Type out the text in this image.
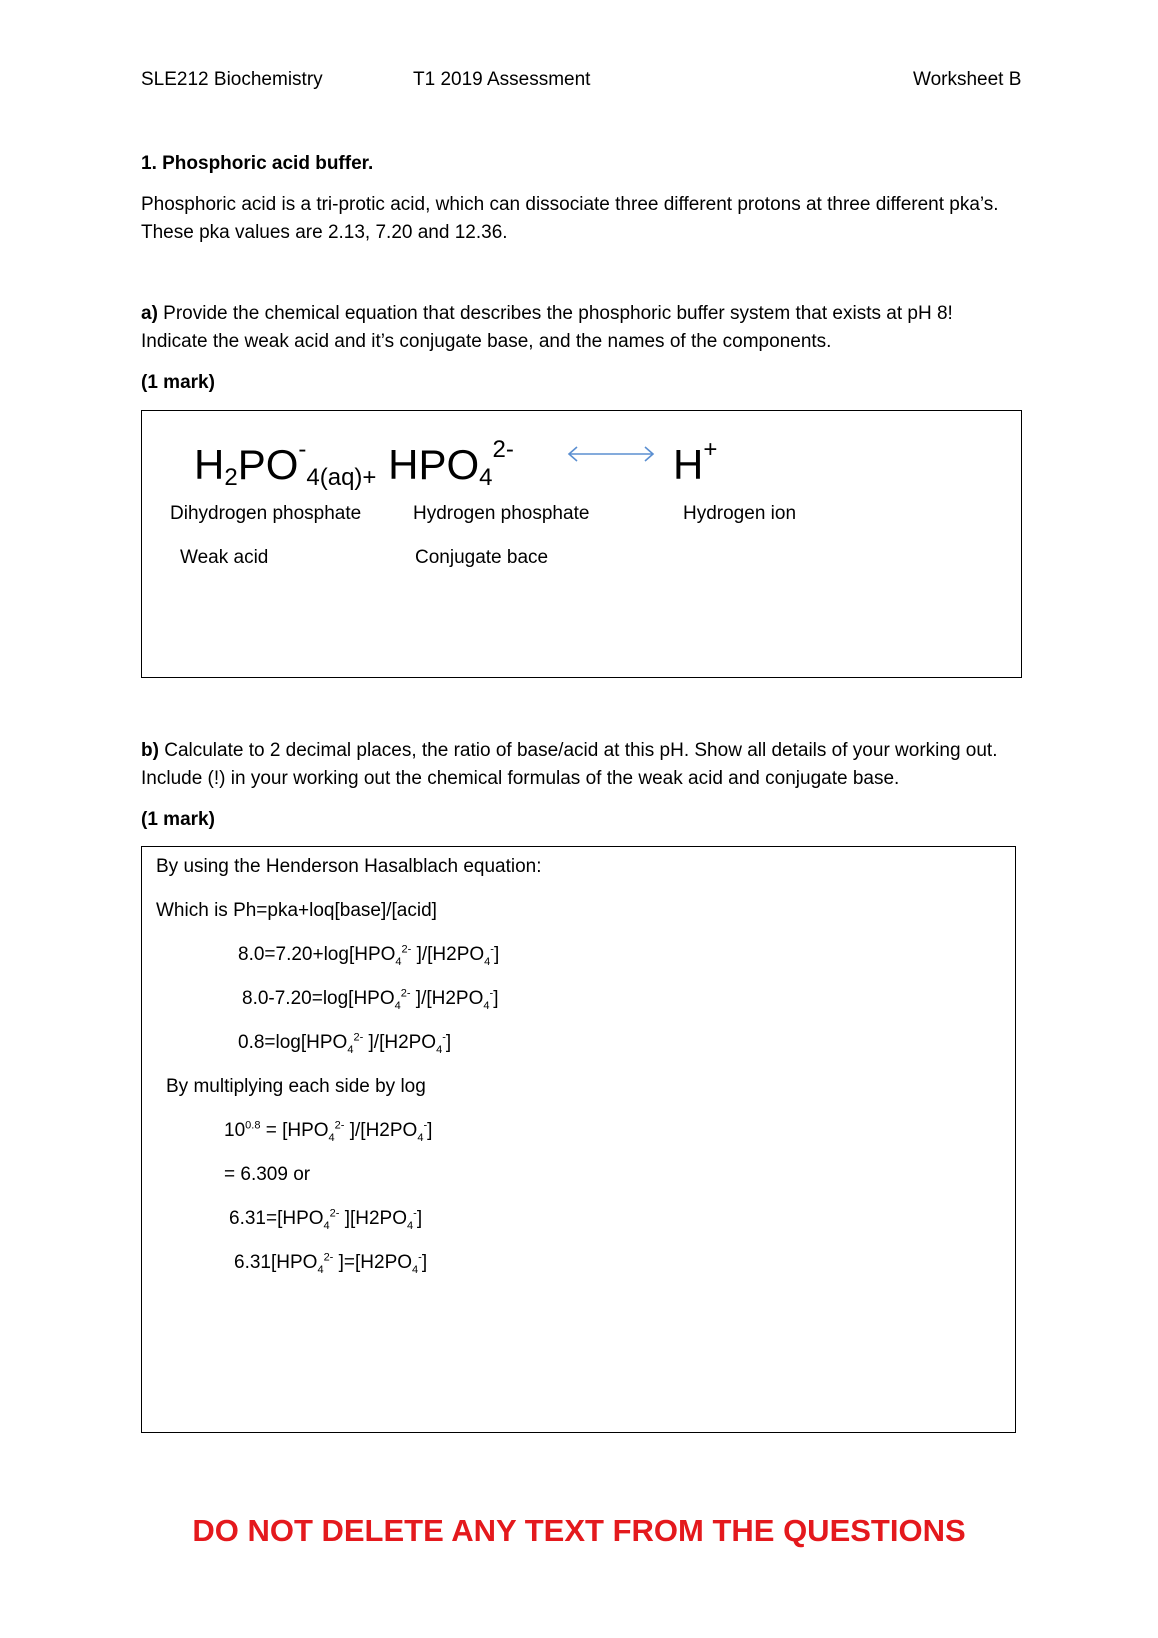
SLE212 Biochemistry	T1 2019 Assessment	Worksheet B
1. Phosphoric acid buffer.
Phosphoric acid is a tri-protic acid, which can dissociate three different protons at three different pka’s.
These pka values are 2.13, 7.20 and 12.36.
a) Provide the chemical equation that describes the phosphoric buffer system that exists at pH 8!
Indicate the weak acid and it’s conjugate base, and the names of the components.
(1 mark)
H2PO-4(aq)+ HPO42-	H+
Dihydrogen phosphate	Hydrogen phosphate	Hydrogen ion
Weak acid	Conjugate bace
b) Calculate to 2 decimal places, the ratio of base/acid at this pH. Show all details of your working out.
Include (!) in your working out the chemical formulas of the weak acid and conjugate base.
(1 mark)
By using the Henderson Hasalblach equation:
Which is Ph=pka+loq[base]/[acid]
$8.0=7.20+\log[HPO_4^{2-}$ ]$/[H2PO_4^-]$
$8.0-7.20=\log[HPO_4^{2-}$ ]$/[H2PO_4^-]$
$0.8=\log[HPO_4^{2-}$ ]$/[H2PO_4^-]$
By multiplying each side by log
$10^{0.8} = [HPO_4^{2-}$ ]$/[H2PO_4^-]$
= 6.309 or
$6.31=[HPO_4^{2-}$ ]$[H2PO_4^-]$
$6.31[HPO_4^{2-}$ ]$=[H2PO_4^-]$
DO NOT DELETE ANY TEXT FROM THE QUESTIONS
